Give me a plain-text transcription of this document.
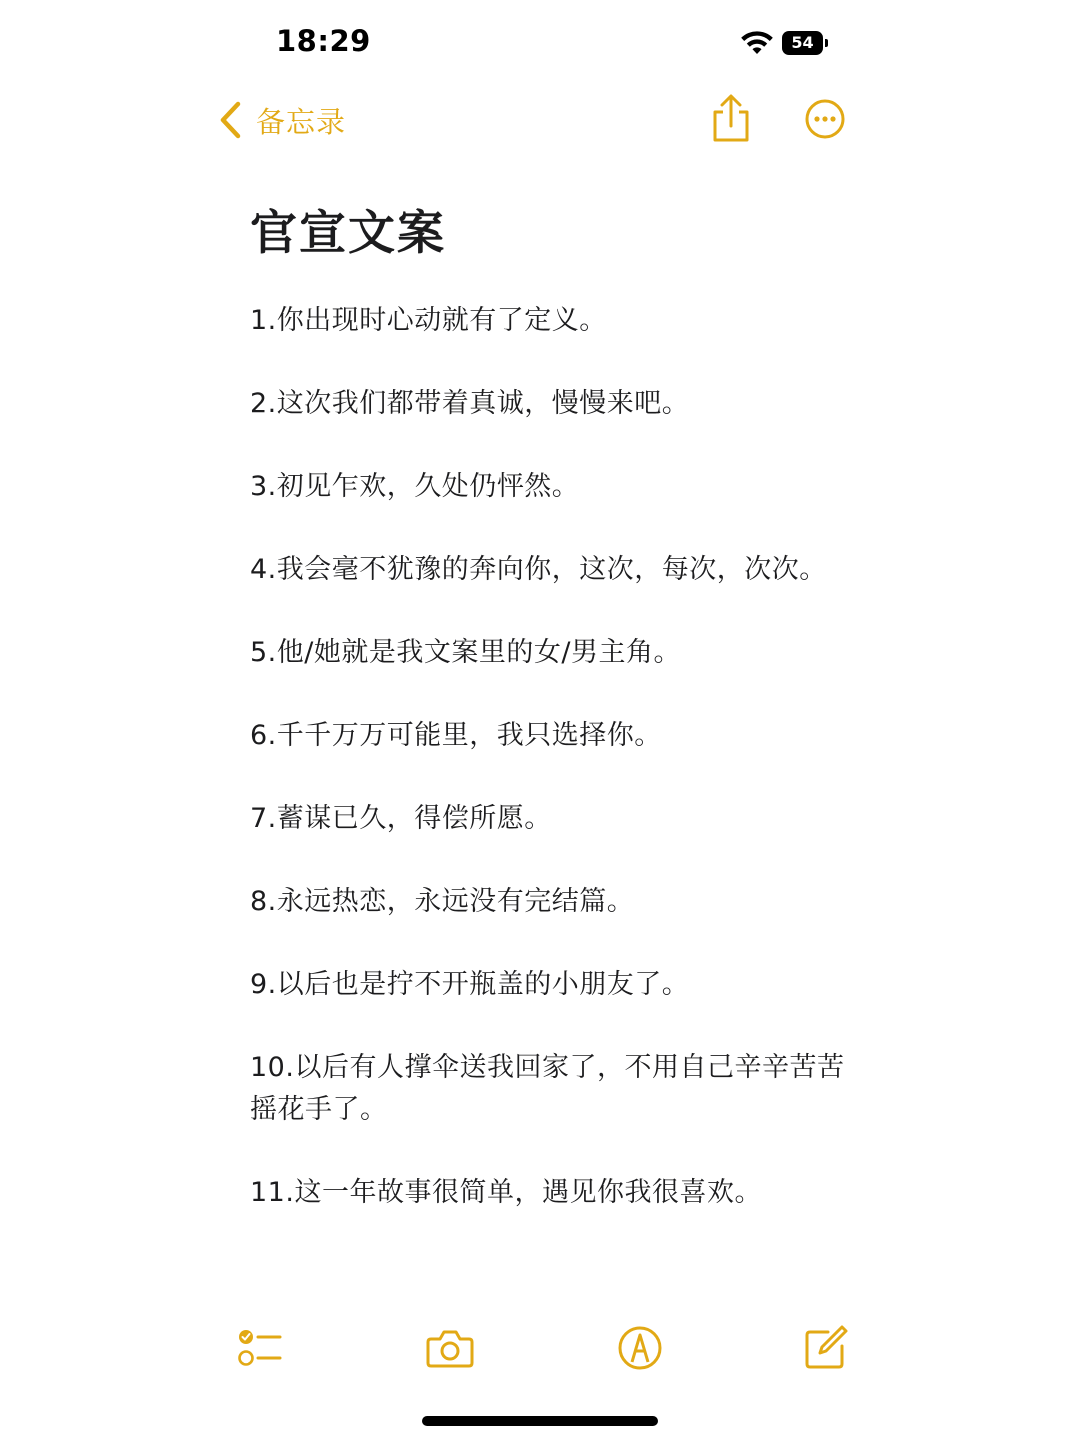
18:29	54
备忘录
官宣文案

1.你出现时心动就有了定义。

2.这次我们都带着真诚，慢慢来吧。

3.初见乍欢，久处仍怦然。

4.我会毫不犹豫的奔向你，这次，每次，次次。

5.他/她就是我文案里的女/男主角。

6.千千万万可能里，我只选择你。

7.蓄谋已久，得偿所愿。

8.永远热恋，永远没有完结篇。

9.以后也是拧不开瓶盖的小朋友了。

10.以后有人撑伞送我回家了，不用自己辛辛苦苦摇花手了。

11.这一年故事很简单，遇见你我很喜欢。
